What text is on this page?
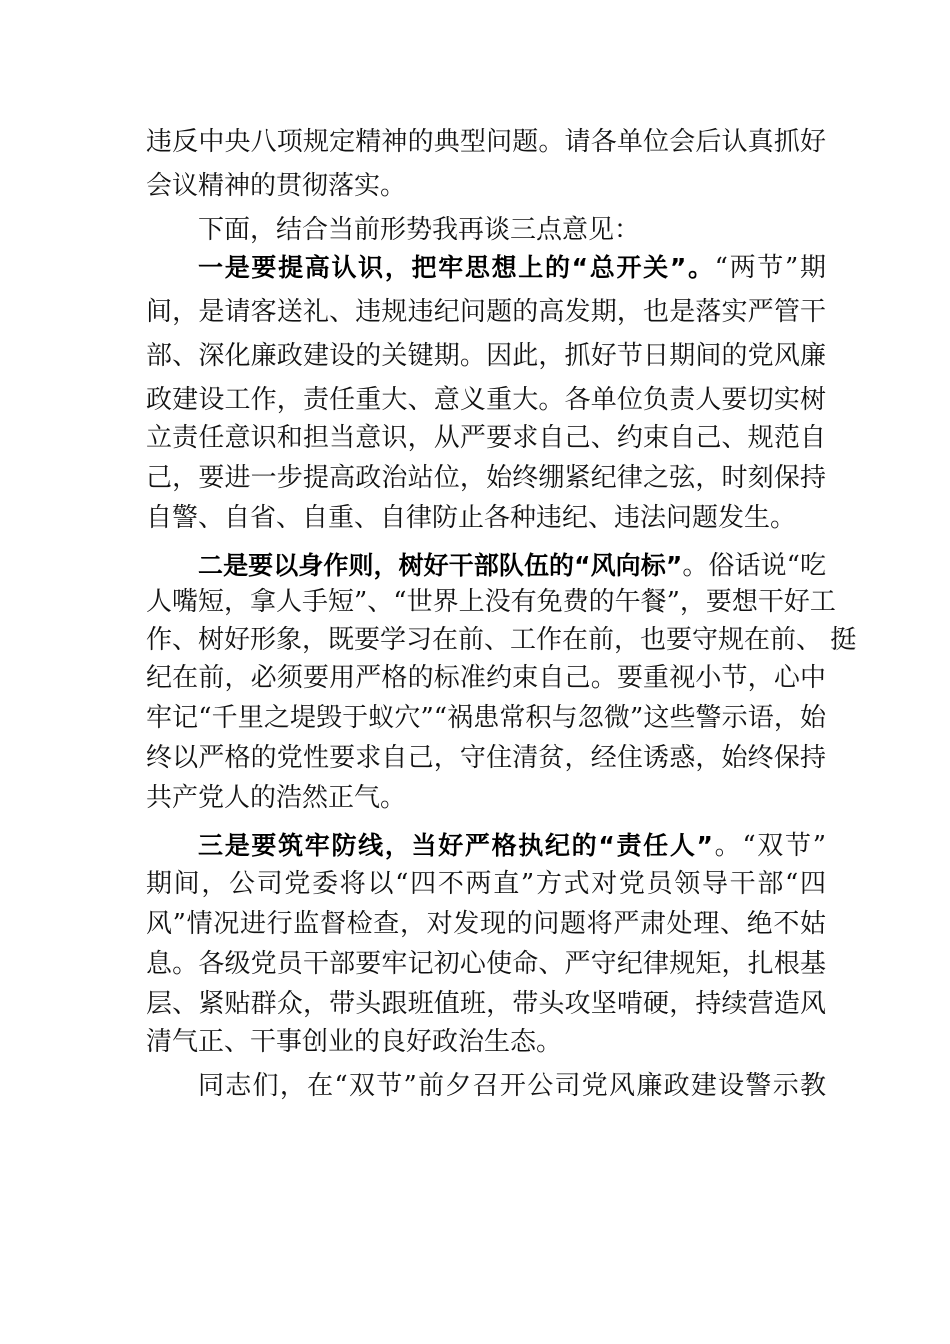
违反中央八项规定精神的典型问题。请各单位会后认真抓好
会议精神的贯彻落实。
下面，结合当前形势我再谈三点意见：
一是要提高认识，把牢思想上的“总开关”。“两节”期
间，是请客送礼、违规违纪问题的高发期，也是落实严管干
部、深化廉政建设的关键期。因此，抓好节日期间的党风廉
政建设工作，责任重大、意义重大。各单位负责人要切实树
立责任意识和担当意识，从严要求自己、约束自己、规范自
己，要进一步提高政治站位，始终绷紧纪律之弦，时刻保持
自警、自省、自重、自律防止各种违纪、违法问题发生。
二是要以身作则，树好干部队伍的“风向标”。俗话说“吃
人嘴短，拿人手短”、“世界上没有免费的午餐”，要想干好工
作、树好形象，既要学习在前、工作在前，也要守规在前、 挺
纪在前，必须要用严格的标准约束自己。要重视小节，心中
牢记“千里之堤毁于蚁穴”“祸患常积与忽微”这些警示语，始
终以严格的党性要求自己，守住清贫，经住诱惑，始终保持
共产党人的浩然正气。
三是要筑牢防线，当好严格执纪的“责任人”。“双节”
期间，公司党委将以“四不两直”方式对党员领导干部“四
风”情况进行监督检查，对发现的问题将严肃处理、绝不姑
息。各级党员干部要牢记初心使命、严守纪律规矩，扎根基
层、紧贴群众，带头跟班值班，带头攻坚啃硬，持续营造风
清气正、干事创业的良好政治生态。
同志们，在“双节”前夕召开公司党风廉政建设警示教
